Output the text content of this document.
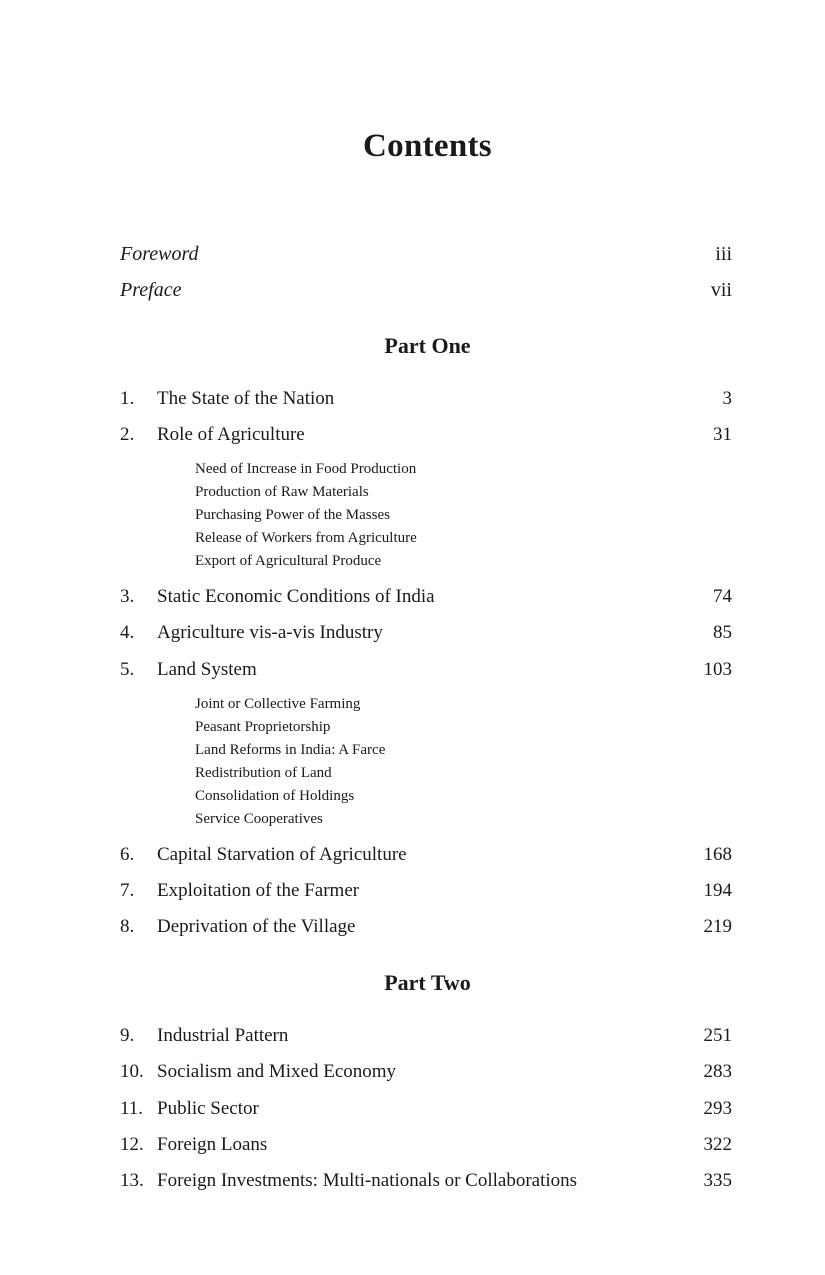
Contents
Foreword	iii
Preface	vii
Part One
1. The State of the Nation	3
2. Role of Agriculture	31
Need of Increase in Food Production
Production of Raw Materials
Purchasing Power of the Masses
Release of Workers from Agriculture
Export of Agricultural Produce
3. Static Economic Conditions of India	74
4. Agriculture vis-a-vis Industry	85
5. Land System	103
Joint or Collective Farming
Peasant Proprietorship
Land Reforms in India: A Farce
Redistribution of Land
Consolidation of Holdings
Service Cooperatives
6. Capital Starvation of Agriculture	168
7. Exploitation of the Farmer	194
8. Deprivation of the Village	219
Part Two
9. Industrial Pattern	251
10. Socialism and Mixed Economy	283
11. Public Sector	293
12. Foreign Loans	322
13. Foreign Investments: Multi-nationals or Collaborations	335
